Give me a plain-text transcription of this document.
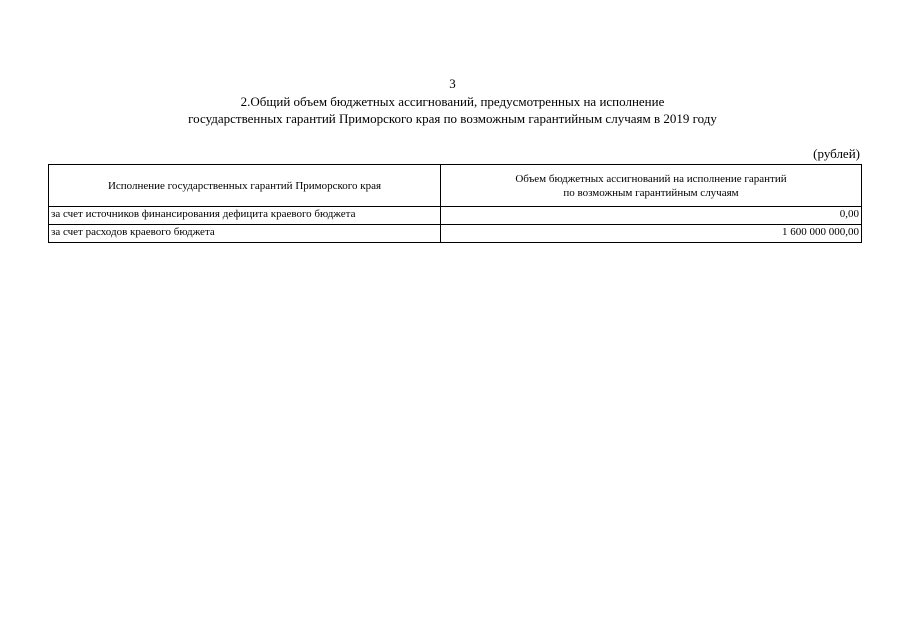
3
2.Общий объем бюджетных ассигнований, предусмотренных на исполнение
государственных гарантий Приморского края по возможным гарантийным случаям в 2019 году
(рублей)
Исполнение государственных гарантий Приморского края	Объем бюджетных ассигнований на исполнение гарантий
по возможным гарантийным случаям

за счет источников финансирования дефицита краевого бюджета	0,00
за счет расходов краевого бюджета	1 600 000 000,00
